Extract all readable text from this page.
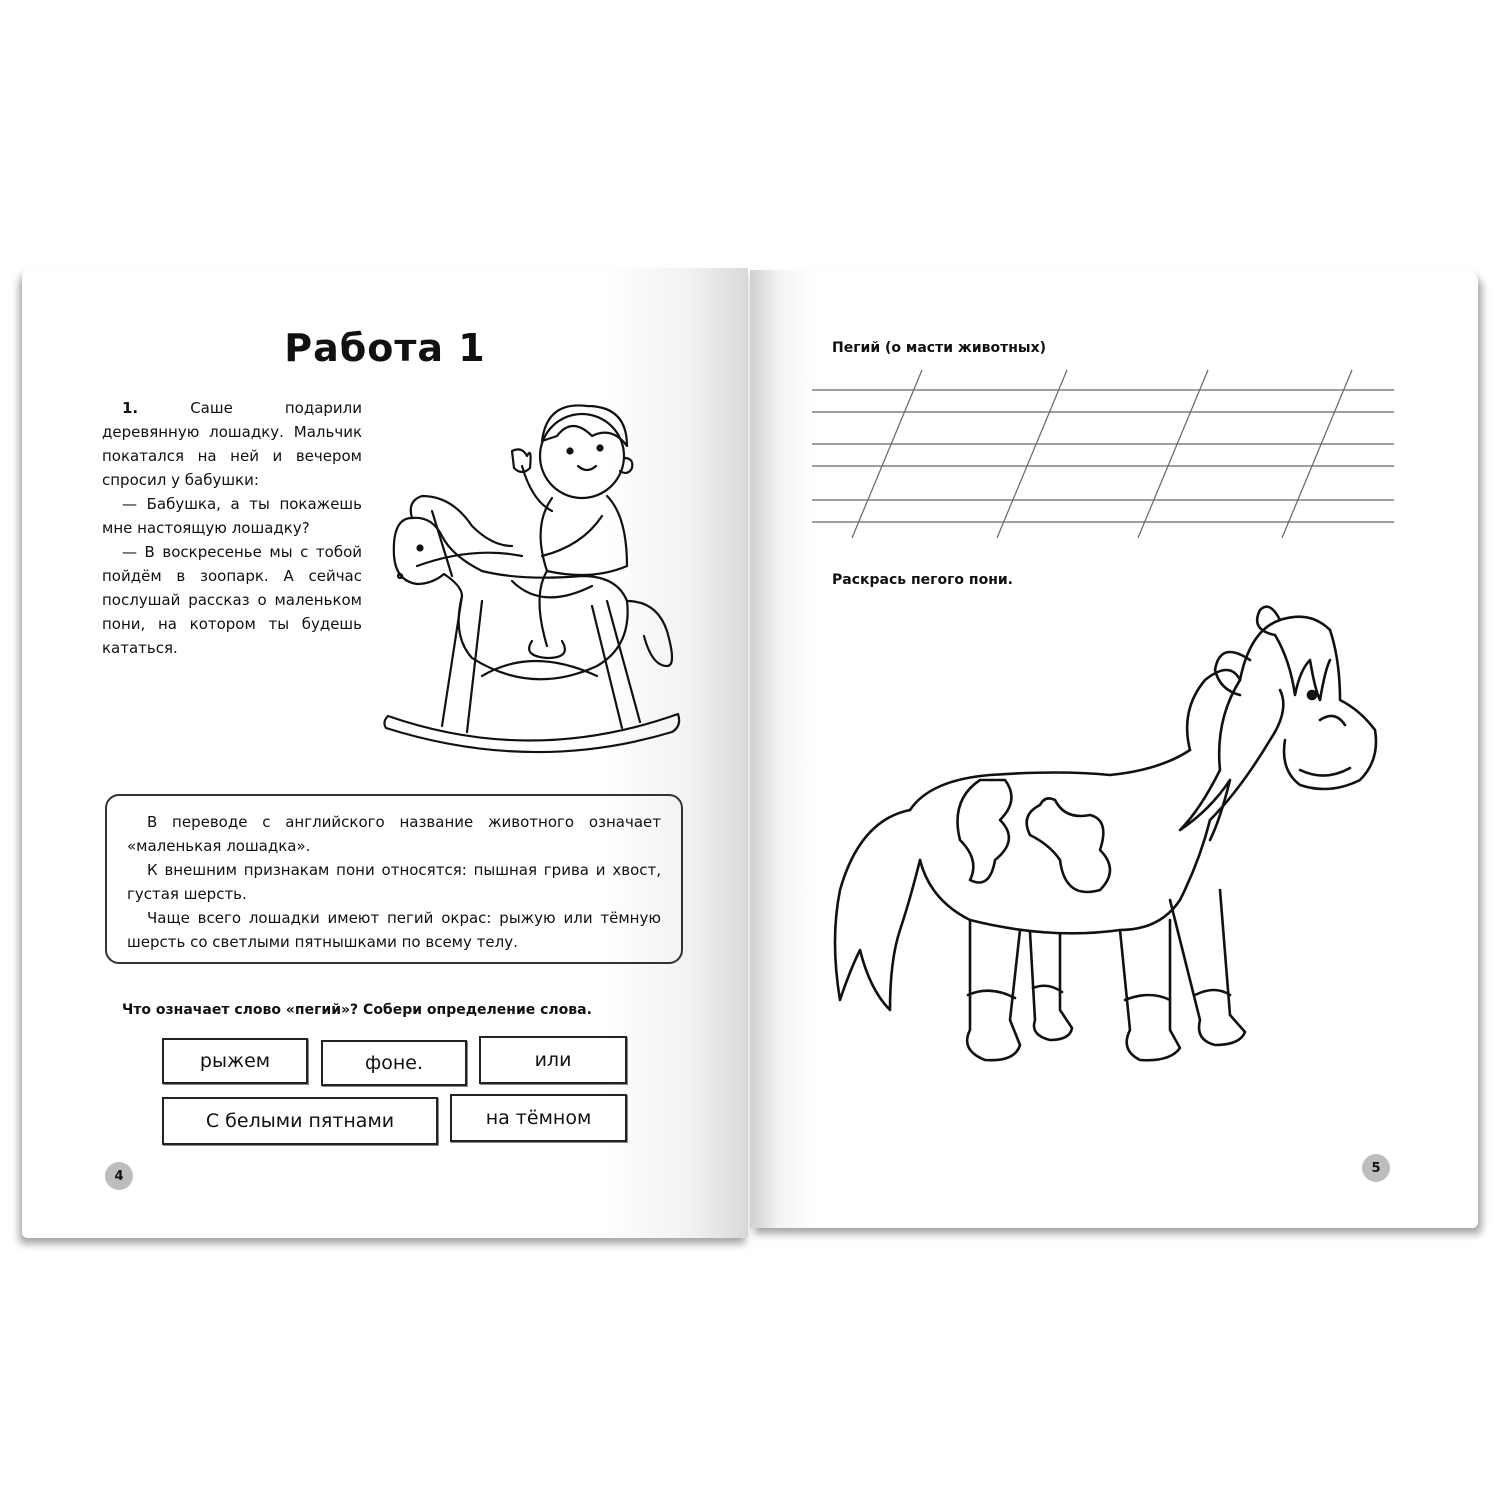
Работа 1

1.	Саше подарили деревянную лошадку. Мальчик покатался на ней и вечером спросил у бабушки:

— Бабушка, а ты покажешь мне настоящую лошадку?

— В воскресенье мы с тобой пойдём в зоопарк. А сейчас послушай рассказ о маленьком пони, на котором ты будешь кататься.

В переводе с английского название животного означает «маленькая лошадка».

К внешним признакам пони относятся: пышная грива и хвост, густая шерсть.

Чаще всего лошадки имеют пегий окрас: рыжую или тёмную шерсть со светлыми пятнышками по всему телу.

Что означает слово «пегий»? Собери определение слова.
рыжем	фоне.	или
С белыми пятнами	на тёмном
4
Пегий (о масти животных)
Раскрась пегого пони.
5
